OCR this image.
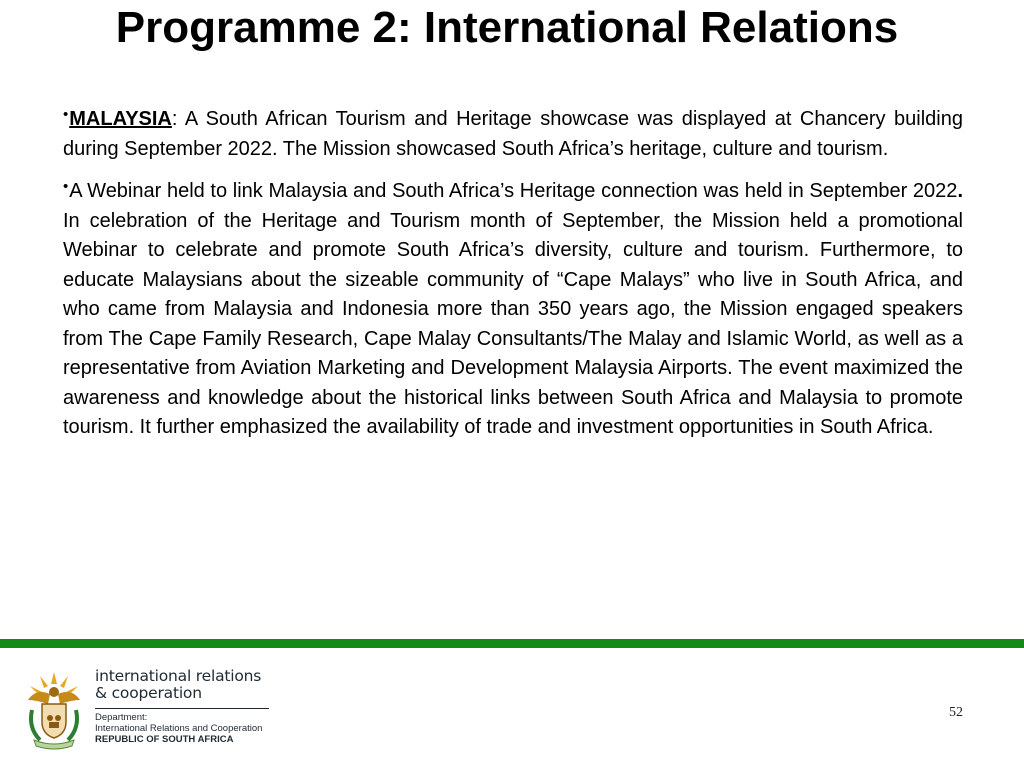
Programme 2: International Relations

•MALAYSIA: A South African Tourism and Heritage showcase was displayed at Chancery building during September 2022. The Mission showcased South Africa’s heritage, culture and tourism.

•A Webinar held to link Malaysia and South Africa’s Heritage connection was held in September 2022. In celebration of the Heritage and Tourism month of September, the Mission held a promotional Webinar to celebrate and promote South Africa’s diversity, culture and tourism. Furthermore, to educate Malaysians about the sizeable community of “Cape Malays” who live in South Africa, and who came from Malaysia and Indonesia more than 350 years ago, the Mission engaged speakers from The Cape Family Research, Cape Malay Consultants/The Malay and Islamic World, as well as a representative from Aviation Marketing and Development Malaysia Airports. The event maximized the awareness and knowledge about the historical links between South Africa and Malaysia to promote tourism. It further emphasized the availability of trade and investment opportunities in South Africa.

international relations
& cooperation
Department:
International Relations and Cooperation
REPUBLIC OF SOUTH AFRICA
52
